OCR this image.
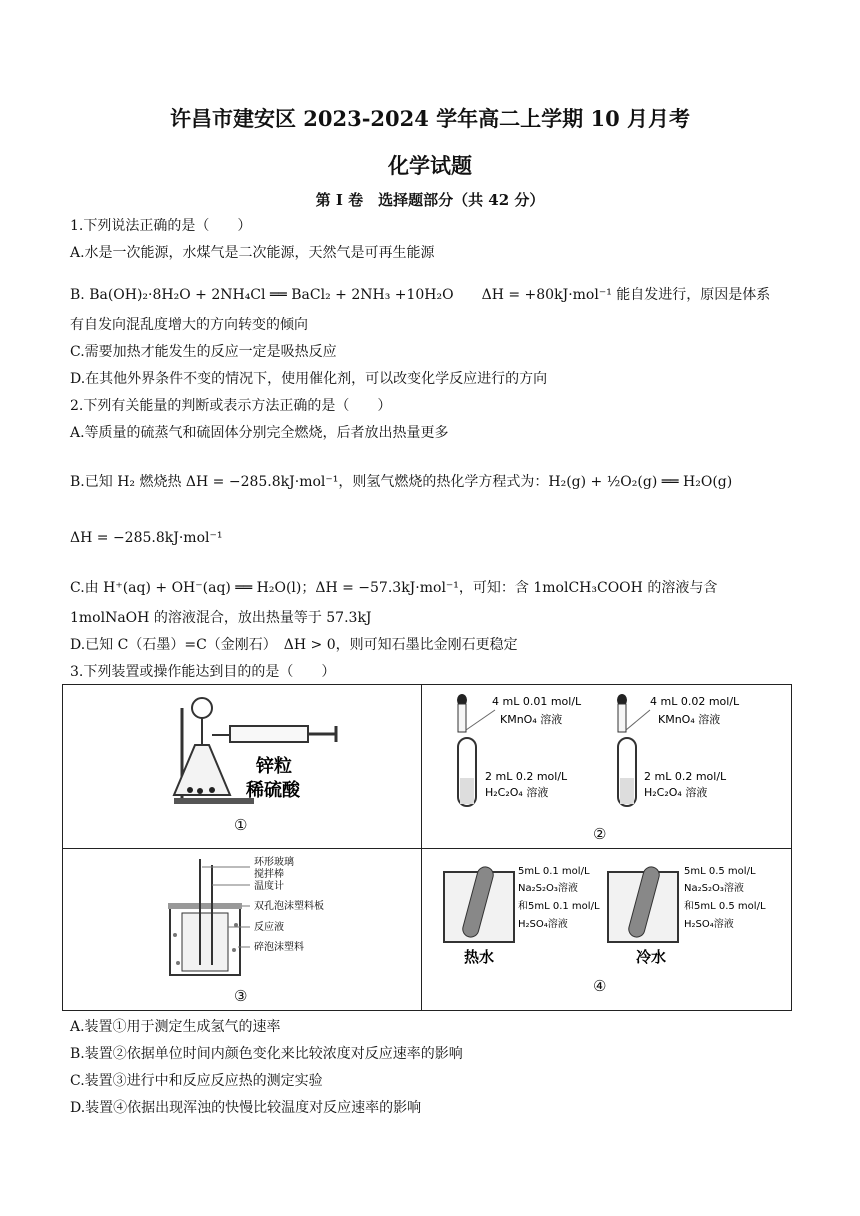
许昌市建安区 2023-2024 学年高二上学期 10 月月考
化学试题
第 I 卷　选择题部分（共 42 分）
1.下列说法正确的是（　　）
A.水是一次能源，水煤气是二次能源，天然气是可再生能源
B. Ba(OH)₂·8H₂O + 2NH₄Cl ══ BaCl₂ + 2NH₃ +10H₂O　　ΔH = +80kJ·mol⁻¹ 能自发进行，原因是体系
有自发向混乱度增大的方向转变的倾向
C.需要加热才能发生的反应一定是吸热反应
D.在其他外界条件不变的情况下，使用催化剂，可以改变化学反应进行的方向
2.下列有关能量的判断或表示方法正确的是（　　）
A.等质量的硫蒸气和硫固体分别完全燃烧，后者放出热量更多
B.已知 H₂ 燃烧热 ΔH = −285.8kJ·mol⁻¹，则氢气燃烧的热化学方程式为：H₂(g) + ½O₂(g) ══ H₂O(g)
ΔH = −285.8kJ·mol⁻¹
C.由 H⁺(aq) + OH⁻(aq) ══ H₂O(l)；ΔH = −57.3kJ·mol⁻¹，可知：含 1molCH₃COOH 的溶液与含
1molNaOH 的溶液混合，放出热量等于 57.3kJ
D.已知 C（石墨）=C（金刚石）　ΔH > 0，则可知石墨比金刚石更稳定
3.下列装置或操作能达到目的的是（　　）
锌粒
稀硫酸
①
4 mL 0.01 mol/L
KMnO₄ 溶液
2 mL 0.2 mol/L
H₂C₂O₄ 溶液
4 mL 0.02 mol/L
KMnO₄ 溶液
2 mL 0.2 mol/L
H₂C₂O₄ 溶液
②
环形玻璃
搅拌棒
温度计
双孔泡沫塑料板
反应液
碎泡沫塑料
③
5mL 0.1 mol/L
Na₂S₂O₃溶液
和5mL 0.1 mol/L
H₂SO₄溶液
热水
5mL 0.5 mol/L
Na₂S₂O₃溶液
和5mL 0.5 mol/L
H₂SO₄溶液
冷水
④
A.装置①用于测定生成氢气的速率
B.装置②依据单位时间内颜色变化来比较浓度对反应速率的影响
C.装置③进行中和反应反应热的测定实验
D.装置④依据出现浑浊的快慢比较温度对反应速率的影响
